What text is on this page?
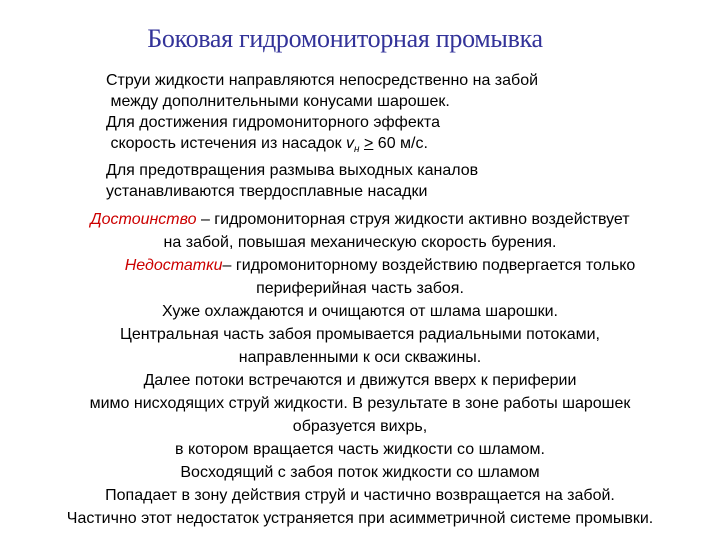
Боковая гидромониторная промывка
Струи жидкости направляются непосредственно на забой
между дополнительными конусами шарошек.
Для достижения гидромониторного эффекта
скорость истечения из насадок $v_н > 60$ м/с.
Для предотвращения размыва выходных каналов
устанавливаются твердосплавные насадки
Достоинство – гидромониторная струя жидкости активно воздействует
на забой, повышая механическую скорость бурения.
Недостатки– гидромониторному воздействию подвергается только
периферийная часть забоя.
Хуже охлаждаются и очищаются от шлама шарошки.
Центральная часть забоя промывается радиальными потоками,
направленными к оси скважины.
Далее потоки встречаются и движутся вверх к периферии
мимо нисходящих струй жидкости. В результате в зоне работы шарошек
образуется вихрь,
в котором вращается часть жидкости со шламом.
Восходящий с забоя поток жидкости со шламом
Попадает в зону действия струй и частично возвращается на забой.
Частично этот недостаток устраняется при асимметричной системе промывки.
